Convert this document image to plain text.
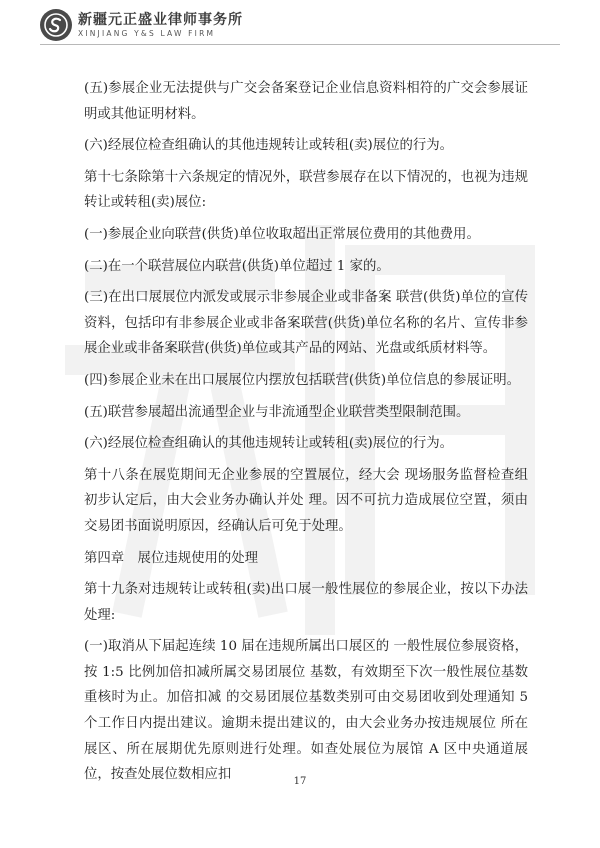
新疆元正盛业律师事务所
XINJIANG Y&S LAW FIRM

(五)参展企业无法提供与广交会备案登记企业信息资料相符的广交会参展证明或其他证明材料。

(六)经展位检查组确认的其他违规转让或转租(卖)展位的行为。

第十七条除第十六条规定的情况外，联营参展存在以下情况的，也视为违规转让或转租(卖)展位:

(一)参展企业向联营(供货)单位收取超出正常展位费用的其他费用。

(二)在一个联营展位内联营(供货)单位超过 1 家的。

(三)在出口展展位内派发或展示非参展企业或非备案 联营(供货)单位的宣传资料，包括印有非参展企业或非备案联营(供货)单位名称的名片、宣传非参展企业或非备案联营(供货)单位或其产品的网站、光盘或纸质材料等。

(四)参展企业未在出口展展位内摆放包括联营(供货)单位信息的参展证明。

(五)联营参展超出流通型企业与非流通型企业联营类型限制范围。

(六)经展位检查组确认的其他违规转让或转租(卖)展位的行为。

第十八条在展览期间无企业参展的空置展位，经大会 现场服务监督检查组初步认定后，由大会业务办确认并处 理。因不可抗力造成展位空置，须由交易团书面说明原因，经确认后可免于处理。

第四章　展位违规使用的处理

第十九条对违规转让或转租(卖)出口展一般性展位的参展企业，按以下办法处理:

(一)取消从下届起连续 10 届在违规所属出口展区的 一般性展位参展资格，按 1:5 比例加倍扣减所属交易团展位 基数，有效期至下次一般性展位基数重核时为止。加倍扣减 的交易团展位基数类别可由交易团收到处理通知 5 个工作日内提出建议。逾期未提出建议的，由大会业务办按违规展位 所在展区、所在展期优先原则进行处理。如查处展位为展馆 A 区中央通道展位，按查处展位数相应扣	17
